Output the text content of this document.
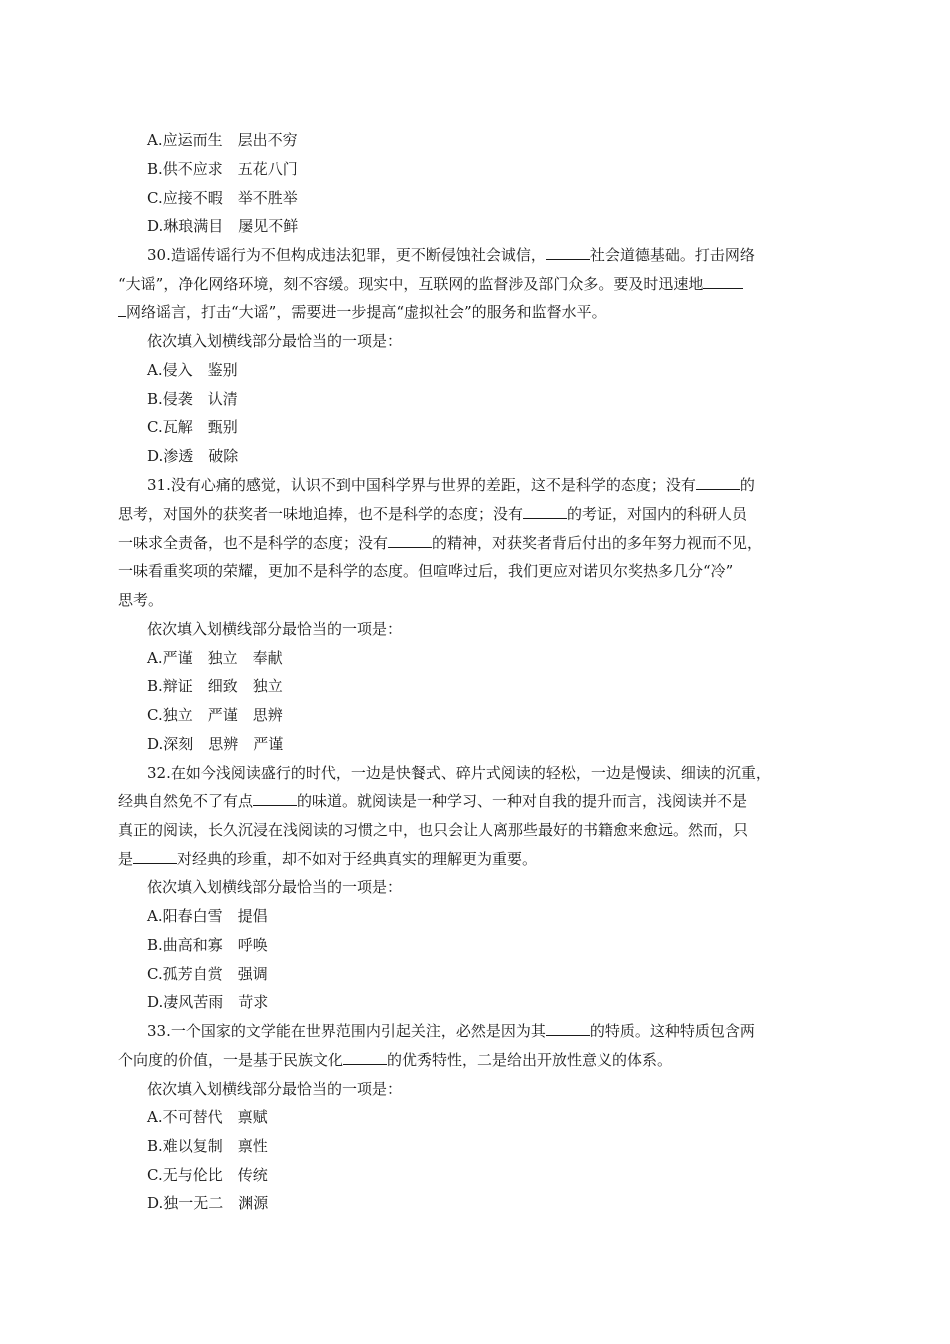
A.应运而生　层出不穷
B.供不应求　五花八门
C.应接不暇　举不胜举
D.琳琅满目　屡见不鲜
30.造谣传谣行为不但构成违法犯罪，更不断侵蚀社会诚信，	社会道德基础。打击网络
“大谣”，净化网络环境，刻不容缓。现实中，互联网的监督涉及部门众多。要及时迅速地
网络谣言，打击“大谣”，需要进一步提高“虚拟社会”的服务和监督水平。
依次填入划横线部分最恰当的一项是：
A.侵入　鉴别
B.侵袭　认清
C.瓦解　甄别
D.渗透　破除
31.没有心痛的感觉，认识不到中国科学界与世界的差距，这不是科学的态度；没有	的
思考，对国外的获奖者一味地追捧，也不是科学的态度；没有	的考证，对国内的科研人员
一味求全责备，也不是科学的态度；没有	的精神，对获奖者背后付出的多年努力视而不见，
一味看重奖项的荣耀，更加不是科学的态度。但喧哗过后，我们更应对诺贝尔奖热多几分“冷”
思考。
依次填入划横线部分最恰当的一项是：
A.严谨　独立　奉献
B.辩证　细致　独立
C.独立　严谨　思辨
D.深刻　思辨　严谨
32.在如今浅阅读盛行的时代，一边是快餐式、碎片式阅读的轻松，一边是慢读、细读的沉重，
经典自然免不了有点	的味道。就阅读是一种学习、一种对自我的提升而言，浅阅读并不是
真正的阅读，长久沉浸在浅阅读的习惯之中，也只会让人离那些最好的书籍愈来愈远。然而，只
是	对经典的珍重，却不如对于经典真实的理解更为重要。
依次填入划横线部分最恰当的一项是：
A.阳春白雪　提倡
B.曲高和寡　呼唤
C.孤芳自赏　强调
D.凄风苦雨　苛求
33.一个国家的文学能在世界范围内引起关注，必然是因为其	的特质。这种特质包含两
个向度的价值，一是基于民族文化	的优秀特性，二是给出开放性意义的体系。
依次填入划横线部分最恰当的一项是：
A.不可替代　禀赋
B.难以复制　禀性
C.无与伦比　传统
D.独一无二　渊源
